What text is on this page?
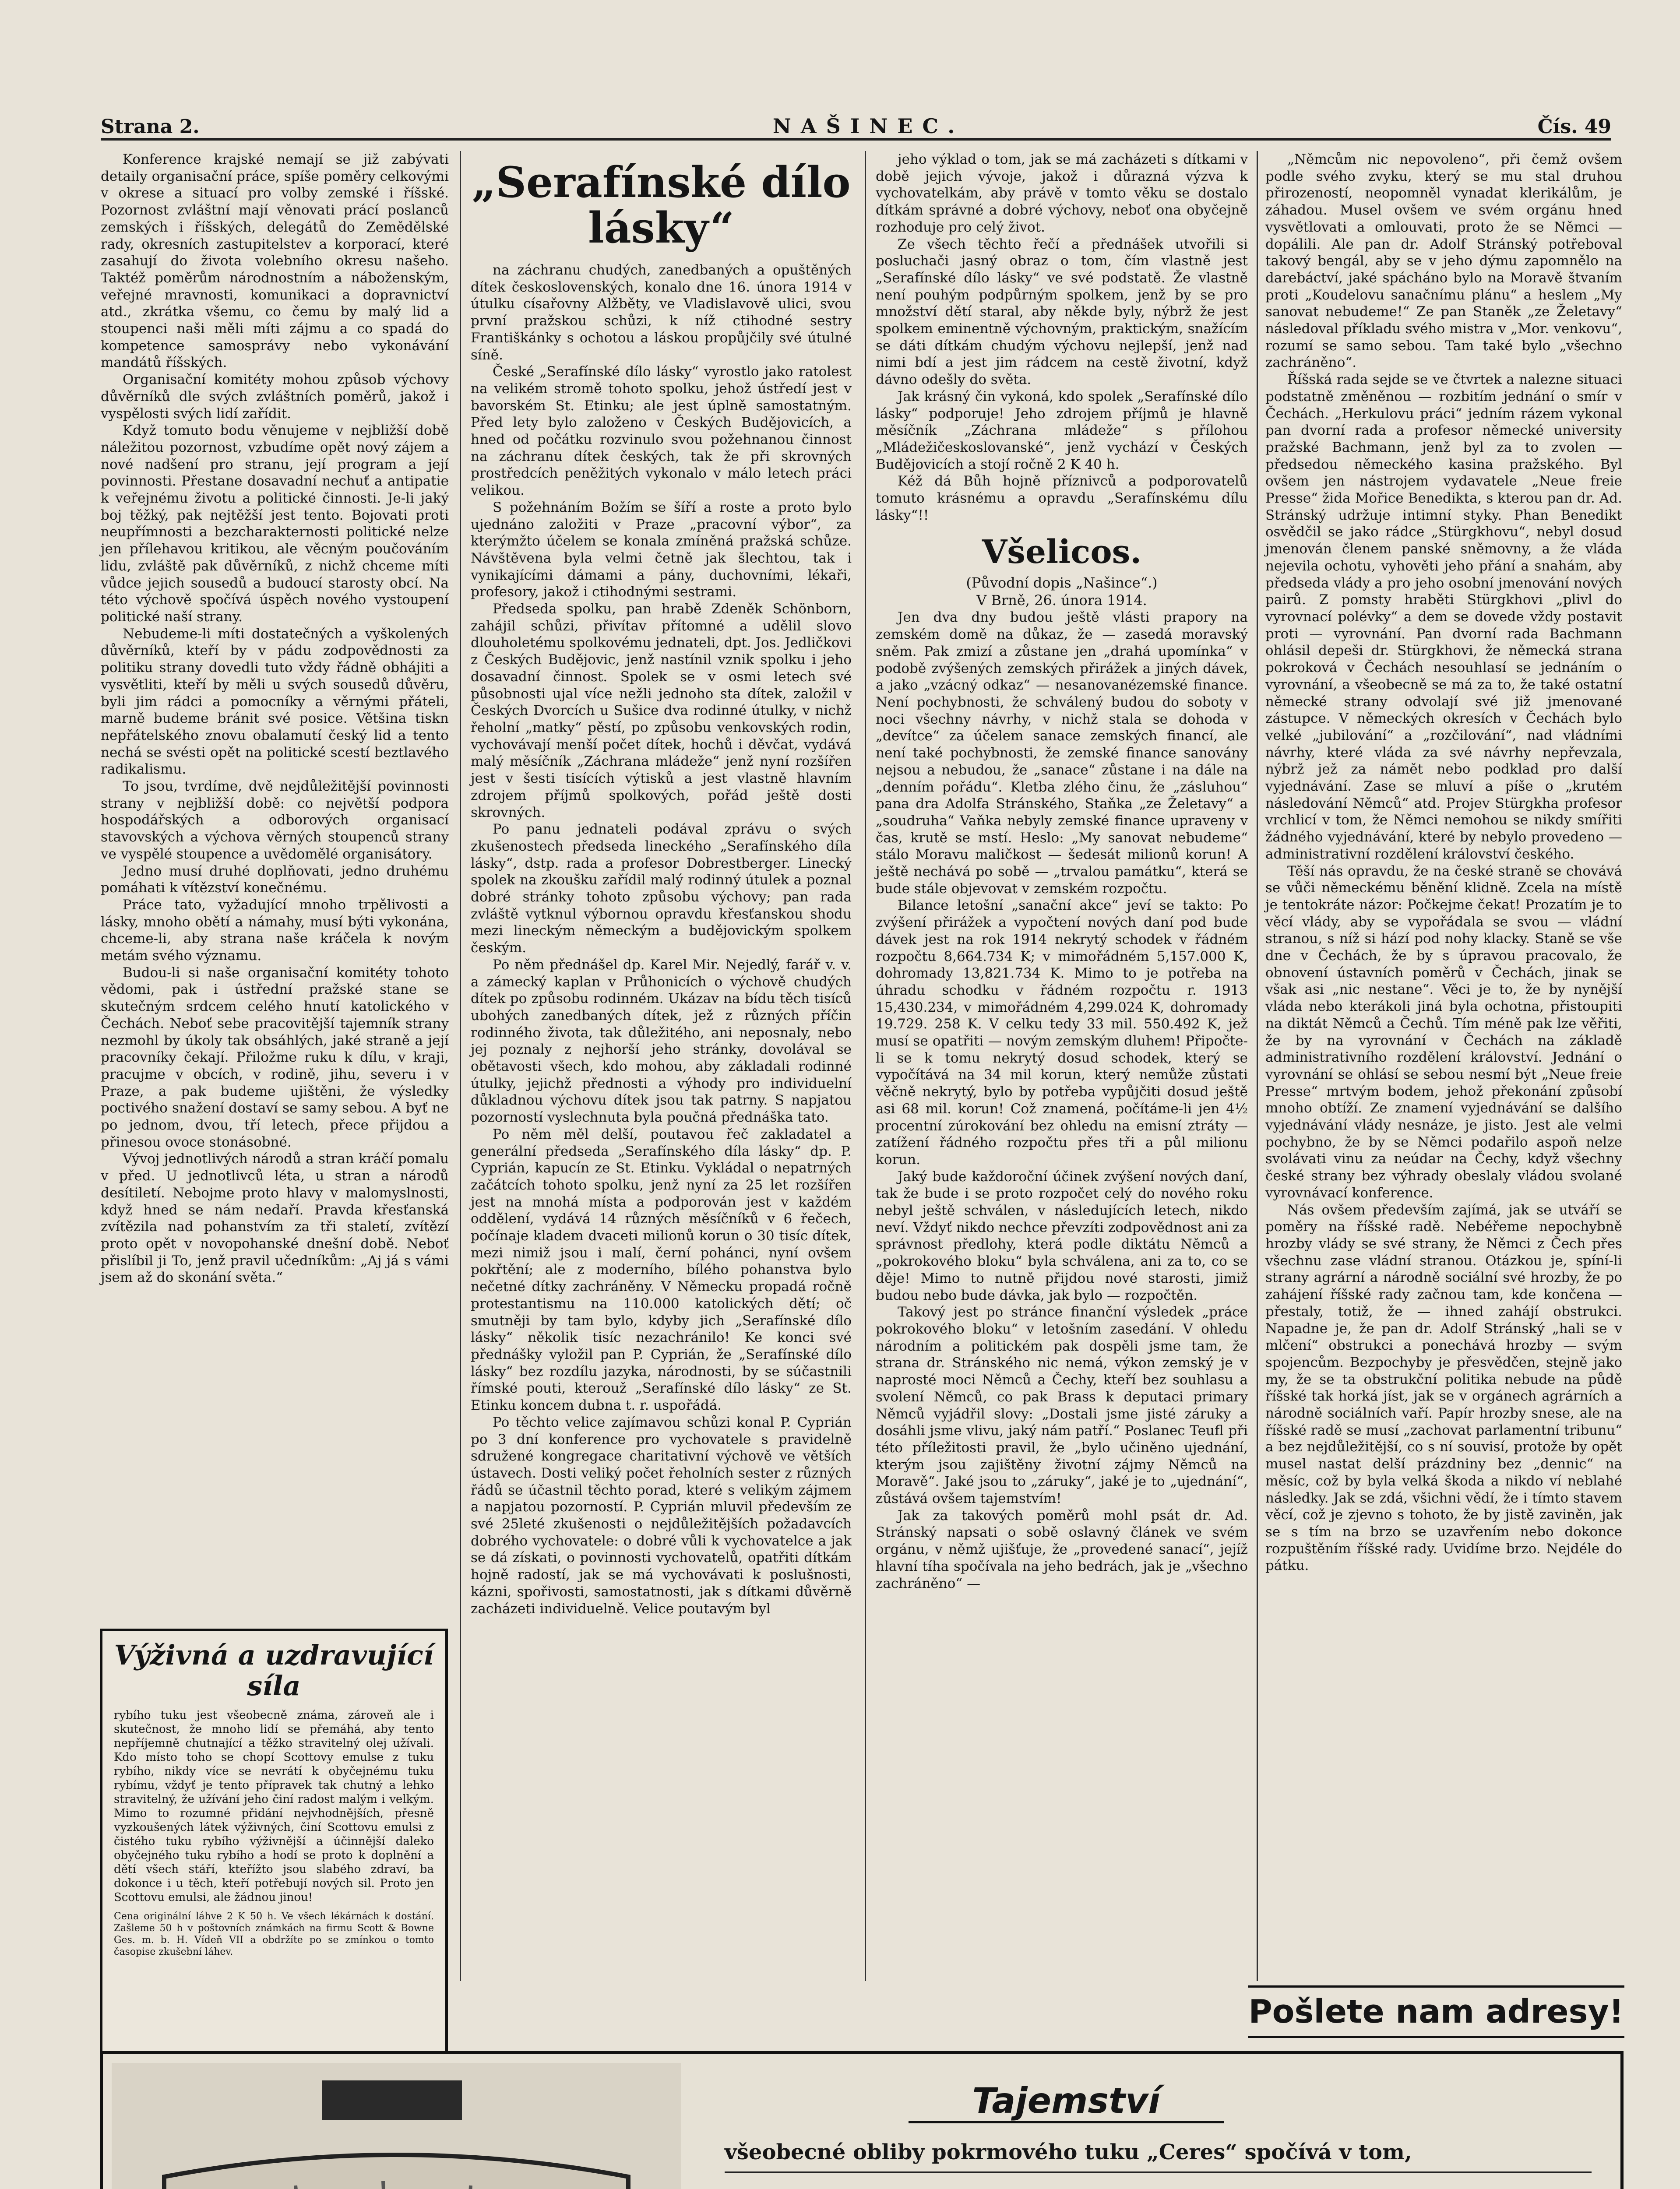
Strana 2.	NAŠINEC.	Čís. 49

Konference krajské nemají se již zabývati detaily organisační práce, spíše poměry celkovými v okrese a situací pro volby zemské i říšské. Pozornost zvláštní mají věnovati prácí poslanců zemských i říšských, delegátů do Zemědělské rady, okresních zastupitelstev a korporací, které zasahují do života volebního okresu našeho. Taktéž poměrům národnostním a náboženským, veřejné mravnosti, komunikaci a dopravnictví atd., zkrátka všemu, co čemu by malý lid a stoupenci naši měli míti zájmu a co spadá do kompetence samosprávy nebo vykonávání mandátů říšských.

Organisační komitéty mohou způsob výchovy důvěrníků dle svých zvláštních poměrů, jakož i vyspělosti svých lidí zařídit.

Když tomuto bodu věnujeme v nejbližší době náležitou pozornost, vzbudíme opět nový zájem a nové nadšení pro stranu, její program a její povinnosti. Přestane dosavadní nechuť a antipatie k veřejnému životu a politické činnosti. Je-li jaký boj těžký, pak nejtěžší jest tento. Bojovati proti neupřímnosti a bezcharakternosti politické nelze jen přílehavou kritikou, ale věcným poučováním lidu, zvláště pak důvěrníků, z nichž chceme míti vůdce jejich sousedů a budoucí starosty obcí. Na této výchově spočívá úspěch nového vystoupení politické naší strany.

Nebudeme-li míti dostatečných a vyškolených důvěrníků, kteří by v pádu zodpovědnosti za politiku strany dovedli tuto vždy řádně obhájiti a vysvětliti, kteří by měli u svých sousedů důvěru, byli jim rádci a pomocníky a věrnými přáteli, marně budeme bránit své posice. Většina tiskn nepřátelského znovu obalamutí český lid a tento nechá se svésti opět na politické scestí beztlavého radikalismu.

To jsou, tvrdíme, dvě nejdůležitější povinnosti strany v nejbližší době: co největší podpora hospodářských a odborových organisací stavovských a výchova věrných stoupenců strany ve vyspělé stoupence a uvědomělé organisátory.

Jedno musí druhé doplňovati, jedno druhému pomáhati k vítězství konečnému.

Práce tato, vyžadující mnoho trpělivosti a lásky, mnoho obětí a námahy, musí býti vykonána, chceme-li, aby strana naše kráčela k novým metám svého významu.

Budou-li si naše organisační komitéty tohoto vědomi, pak i ústřední pražské stane se skutečným srdcem celého hnutí katolického v Čechách. Neboť sebe pracovitější tajemník strany nezmohl by úkoly tak obsáhlých, jaké straně a její pracovníky čekají. Přiložme ruku k dílu, v kraji, pracujme v obcích, v rodině, jihu, severu i v Praze, a pak budeme ujištěni, že výsledky poctivého snažení dostaví se samy sebou. A byť ne po jednom, dvou, tří letech, přece přijdou a přinesou ovoce stonásobné.

Vývoj jednotlivých národů a stran kráčí pomalu v před. U jednotlivců léta, u stran a národů desítiletí. Nebojme proto hlavy v malomyslnosti, když hned se nám nedaří. Pravda křesťanská zvítězila nad pohanstvím za tři staletí, zvítězí proto opět v novopohanské dnešní době. Neboť přislíbil ji To, jenž pravil učedníkům: „Aj já s vámi jsem až do skonání světa.“

Výživná a uzdravující síla
rybího tuku jest všeobecně známa, zároveň ale i skutečnost, že mnoho lidí se přemáhá, aby tento nepříjemně chutnající a těžko stravitelný olej užívali. Kdo místo toho se chopí Scottovy emulse z tuku rybího, nikdy více se nevrátí k obyčejnému tuku rybímu, vždyť je tento přípravek tak chutný a lehko stravitelný, že užívání jeho činí radost malým i velkým. Mimo to rozumné přidání nejvhodnějších, přesně vyzkoušených látek výživných, činí Scottovu emulsi z čistého tuku rybího výživnější a účinnější daleko obyčejného tuku rybího a hodí se proto k doplnění a dětí všech stáří, kteřížto jsou slabého zdraví, ba dokonce i u těch, kteří potřebují nových sil. Proto jen Scottovu emulsi, ale žádnou jinou!
Cena originální láhve 2 K 50 h. Ve všech lékárnách k dostání. Zašleme 50 h v poštovních známkách na firmu Scott & Bowne Ges. m. b. H. Vídeň VII a obdržíte po se zmínkou o tomto časopise zkušební láhev.
„Serafínské dílo lásky“

na záchranu chudých, zanedbaných a opuštěných dítek československých, konalo dne 16. února 1914 v útulku císařovny Alžběty, ve Vladislavově ulici, svou první pražskou schůzi, k níž ctihodné sestry Františkánky s ochotou a láskou propůjčily své útulné síně.

České „Serafínské dílo lásky“ vyrostlo jako ratolest na velikém stromě tohoto spolku, jehož ústředí jest v bavorském St. Etinku; ale jest úplně samostatným. Před lety bylo založeno v Českých Budějovicích, a hned od počátku rozvinulo svou požehnanou činnost na záchranu dítek českých, tak že při skrovných prostředcích peněžitých vykonalo v málo letech práci velikou.

S požehnáním Božím se šíří a roste a proto bylo ujednáno založiti v Praze „pracovní výbor“, za kterýmžto účelem se konala zmíněná pražská schůze. Návštěvena byla velmi četně jak šlechtou, tak i vynikajícími dámami a pány, duchovními, lékaři, profesory, jakož i ctihodnými sestrami.

Předseda spolku, pan hrabě Zdeněk Schönborn, zahájil schůzi, přivítav přítomné a udělil slovo dlouholetému spolkovému jednateli, dpt. Jos. Jedličkovi z Českých Budějovic, jenž nastínil vznik spolku i jeho dosavadní činnost. Spolek se v osmi letech své působnosti ujal více nežli jednoho sta dítek, založil v Českých Dvorcích u Sušice dva rodinné útulky, v nichž řeholní „matky“ pěstí, po způsobu venkovských rodin, vychovávají menší počet dítek, hochů i děvčat, vydává malý měsíčník „Záchrana mládeže“ jenž nyní rozšířen jest v šesti tisících výtisků a jest vlastně hlavním zdrojem příjmů spolkových, pořád ještě dosti skrovných.

Po panu jednateli podával zprávu o svých zkušenostech předseda lineckého „Serafínského díla lásky“, dstp. rada a profesor Dobrestberger. Linecký spolek na zkoušku zařídil malý rodinný útulek a poznal dobré stránky tohoto způsobu výchovy; pan rada zvláště vytknul výbornou opravdu křesťanskou shodu mezi lineckým německým a budějovickým spolkem českým.

Po něm přednášel dp. Karel Mir. Nejedlý, farář v. v. a zámecký kaplan v Průhonicích o výchově chudých dítek po způsobu rodinném. Ukázav na bídu těch tisíců ubohých zanedbaných dítek, jež z různých příčin rodinného života, tak důležitého, ani neposnaly, nebo jej poznaly z nejhorší jeho stránky, dovolával se obětavosti všech, kdo mohou, aby základali rodinné útulky, jejichž přednosti a výhody pro individuelní důkladnou výchovu dítek jsou tak patrny. S napjatou pozorností vyslechnuta byla poučná přednáška tato.

Po něm měl delší, poutavou řeč zakladatel a generální předseda „Serafínského díla lásky“ dp. P. Cyprián, kapucín ze St. Etinku. Vykládal o nepatrných začátcích tohoto spolku, jenž nyní za 25 let rozšířen jest na mnohá místa a podporován jest v každém oddělení, vydává 14 různých měsíčníků v 6 řečech, počínaje kladem dvaceti milionů korun o 30 tisíc dítek, mezi nimiž jsou i malí, černí pohánci, nyní ovšem pokřtění; ale z moderního, bílého pohanstva bylo nečetné dítky zachráněny. V Německu propadá ročně protestantismu na 110.000 katolických dětí; oč smutněji by tam bylo, kdyby jich „Serafínské dílo lásky“ několik tisíc nezachránilo! Ke konci své přednášky vyložil pan P. Cyprián, že „Serafínské dílo lásky“ bez rozdílu jazyka, národnosti, by se súčastnili římské pouti, kterouž „Serafínské dílo lásky“ ze St. Etinku koncem dubna t. r. uspořádá.

Po těchto velice zajímavou schůzi konal P. Cyprián po 3 dní konference pro vychovatele s pravidelně sdružené kongregace charitativní výchově ve větších ústavech. Dosti veliký počet řeholních sester z různých řádů se účastnil těchto porad, které s velikým zájmem a napjatou pozorností. P. Cyprián mluvil především ze své 25leté zkušenosti o nejdůležitějších požadavcích dobrého vychovatele: o dobré vůli k vychovatelce a jak se dá získati, o povinnosti vychovatelů, opatřiti dítkám hojně radostí, jak se má vychovávati k poslušnosti, kázni, spořivosti, samostatnosti, jak s dítkami důvěrně zacházeti individuelně. Velice poutavým byl

jeho výklad o tom, jak se má zacházeti s dítkami v době jejich vývoje, jakož i důrazná výzva k vychovatelkám, aby právě v tomto věku se dostalo dítkám správné a dobré výchovy, neboť ona obyčejně rozhoduje pro celý život.

Ze všech těchto řečí a přednášek utvořili si posluchači jasný obraz o tom, čím vlastně jest „Serafínské dílo lásky“ ve své podstatě. Že vlastně není pouhým podpůrným spolkem, jenž by se pro množství dětí staral, aby někde byly, nýbrž že jest spolkem eminentně výchovným, praktickým, snažícím se dáti dítkám chudým výchovu nejlepší, jenž nad nimi bdí a jest jim rádcem na cestě životní, když dávno odešly do světa.

Jak krásný čin vykoná, kdo spolek „Serafínské dílo lásky“ podporuje! Jeho zdrojem příjmů je hlavně měsíčník „Záchrana mládeže“ s přílohou „Mládežičeskoslovanské“, jenž vychází v Českých Budějovicích a stojí ročně 2 K 40 h.

Kéž dá Bůh hojně příznivců a podporovatelů tomuto krásnému a opravdu „Serafínskému dílu lásky“!!

Všelicos.
(Původní dopis „Našince“.)
V Brně, 26. února 1914.

Jen dva dny budou ještě vlásti prapory na zemském domě na důkaz, že — zasedá moravský sněm. Pak zmizí a zůstane jen „drahá upomínka“ v podobě zvýšených zemských přirážek a jiných dávek, a jako „vzácný odkaz“ — nesanovanézemské finance. Není pochybnosti, že schválený budou do soboty v noci všechny návrhy, v nichž stala se dohoda v „devítce“ za účelem sanace zemských financí, ale není také pochybnosti, že zemské finance sanovány nejsou a nebudou, že „sanace“ zůstane i na dále na „denním pořádu“. Kletba zlého činu, že „zásluhou“ pana dra Adolfa Stránského, Staňka „ze Želetavy“ a „soudruha“ Vaňka nebyly zemské finance upraveny v čas, krutě se mstí. Heslo: „My sanovat nebudeme“ stálo Moravu maličkost — šedesát milionů korun! A ještě nechává po sobě — „trvalou památku“, která se bude stále objevovat v zemském rozpočtu.

Bilance letošní „sanační akce“ jeví se takto: Po zvýšení přirážek a vypočtení nových daní pod bude dávek jest na rok 1914 nekrytý schodek v řádném rozpočtu 8,664.734 K; v mimořádném 5,157.000 K, dohromady 13,821.734 K. Mimo to je potřeba na úhradu schodku v řádném rozpočtu r. 1913 15,430.234, v mimořádném 4,299.024 K, dohromady 19.729. 258 K. V celku tedy 33 mil. 550.492 K, jež musí se opatřiti — novým zemským dluhem! Připočte-li se k tomu nekrytý dosud schodek, který se vypočítává na 34 mil korun, který nemůže zůstati věčně nekrytý, bylo by potřeba vypůjčiti dosud ještě asi 68 mil. korun! Což znamená, počítáme-li jen 4½ procentní zúrokování bez ohledu na emisní ztráty — zatížení řádného rozpočtu přes tři a půl milionu korun.

Jaký bude každoroční účinek zvýšení nových daní, tak že bude i se proto rozpočet celý do nového roku nebyl ještě schválen, v následujících letech, nikdo neví. Vždyť nikdo nechce převzíti zodpovědnost ani za správnost předlohy, která podle diktátu Němců a „pokrokového bloku“ byla schválena, ani za to, co se děje! Mimo to nutně přijdou nové starosti, jimiž budou nebo bude dávka, jak bylo — rozpočtěn.

Takový jest po stránce finanční výsledek „práce pokrokového bloku“ v letošním zasedání. V ohledu národním a politickém pak dospěli jsme tam, že strana dr. Stránského nic nemá, výkon zemský je v naprosté moci Němců a Čechy, kteří bez souhlasu a svolení Němců, co pak Brass k deputaci primary Němců vyjádřil slovy: „Dostali jsme jisté záruky a dosáhli jsme vlivu, jaký nám patří.“ Poslanec Teufl při této příležitosti pravil, že „bylo učiněno ujednání, kterým jsou zajištěny životní zájmy Němců na Moravě“. Jaké jsou to „záruky“, jaké je to „ujednání“, zůstává ovšem tajemstvím!

Jak za takových poměrů mohl psát dr. Ad. Stránský napsati o sobě oslavný článek ve svém orgánu, v němž ujišťuje, že „provedené sanací“, jejíž hlavní tíha spočívala na jeho bedrách, jak je „všechno zachráněno“ —

„Němcům nic nepovoleno“, při čemž ovšem podle svého zvyku, který se mu stal druhou přirozeností, neopomněl vynadat klerikálům, je záhadou. Musel ovšem ve svém orgánu hned vysvětlovati a omlouvati, proto že se Němci — dopálili. Ale pan dr. Adolf Stránský potřeboval takový bengál, aby se v jeho dýmu zapomnělo na darebáctví, jaké spácháno bylo na Moravě štvaním proti „Koudelovu sanačnímu plánu“ a heslem „My sanovat nebudeme!“ Ze pan Staněk „ze Želetavy“ následoval příkladu svého mistra v „Mor. venkovu“, rozumí se samo sebou. Tam také bylo „všechno zachráněno“.

Říšská rada sejde se ve čtvrtek a nalezne situaci podstatně změněnou — rozbitím jednání o smír v Čechách. „Herkulovu práci“ jedním rázem vykonal pan dvorní rada a profesor německé university pražské Bachmann, jenž byl za to zvolen — předsedou německého kasina pražského. Byl ovšem jen nástrojem vydavatele „Neue freie Presse“ žida Mořice Benedikta, s kterou pan dr. Ad. Stránský udržuje intimní styky. Phan Benedikt osvědčil se jako rádce „Stürgkhovu“, nebyl dosud jmenován členem panské sněmovny, a že vláda nejevila ochotu, vyhověti jeho přání a snahám, aby předseda vlády a pro jeho osobní jmenování nových pairů. Z pomsty hraběti Stürgkhovi „plivl do vyrovnací polévky“ a dem se dovede vždy postavit proti — vyrovnání. Pan dvorní rada Bachmann ohlásil depeši dr. Stürgkhovi, že německá strana pokroková v Čechách nesouhlasí se jednáním o vyrovnání, a všeobecně se má za to, že také ostatní německé strany odvolají své již jmenované zástupce. V německých okresích v Čechách bylo velké „jubilování“ a „rozčilování“, nad vládními návrhy, které vláda za své návrhy nepřevzala, nýbrž jež za námět nebo podklad pro další vyjednávání. Zase se mluví a píše o „krutém následování Němců“ atd. Projev Stürgkha profesor vrchlicí v tom, že Němci nemohou se nikdy smířiti žádného vyjednávání, které by nebylo provedeno — administrativní rozdělení království českého.

Těší nás opravdu, že na české straně se chovává se vůči německému běnění klidně. Zcela na místě je tentokráte názor: Počkejme čekat! Prozatím je to věcí vlády, aby se vypořádala se svou — vládní stranou, s níž si hází pod nohy klacky. Staně se vše dne v Čechách, že by s úpravou pracovalo, že obnovení ústavních poměrů v Čechách, jinak se však asi „nic nestane“. Věci je to, že by nynější vláda nebo kterákoli jiná byla ochotna, přistoupiti na diktát Němců a Čechů. Tím méně pak lze věřiti, že by na vyrovnání v Čechách na základě administrativního rozdělení království. Jednání o vyrovnání se ohlásí se sebou nesmí být „Neue freie Presse“ mrtvým bodem, jehož překonání způsobí mnoho obtíží. Ze znamení vyjednávání se dalšího vyjednávání vlády nesnáze, je jisto. Jest ale velmi pochybno, že by se Němci podařilo aspoň nelze svolávati vinu za neúdar na Čechy, když všechny české strany bez výhrady obeslaly vládou svolané vyrovnávací konference.

Nás ovšem především zajímá, jak se utváří se poměry na říšské radě. Nebéřeme nepochybně hrozby vlády se své strany, že Němci z Čech přes všechnu zase vládní stranou. Otázkou je, spíní-li strany agrární a národně sociální své hrozby, že po zahájení říšské rady začnou tam, kde končena — přestaly, totiž, že — ihned zahájí obstrukci. Napadne je, že pan dr. Adolf Stránský „hali se v mlčení“ obstrukci a ponechává hrozby — svým spojencům. Bezpochyby je přesvědčen, stejně jako my, že se ta obstrukční politika nebude na půdě říšské tak horká jíst, jak se v orgánech agrárních a národně sociálních vaří. Papír hrozby snese, ale na říšské radě se musí „zachovat parlamentní tribunu“ a bez nejdůležitější, co s ní souvisí, protože by opět musel nastat delší prázdniny bez „dennic“ na měsíc, což by byla velká škoda a nikdo ví neblahé následky. Jak se zdá, všichni vědí, že i tímto stavem věcí, což je zjevno s tohoto, že by jistě zaviněn, jak se s tím na brzo se uzavřením nebo dokonce rozpuštěním říšské rady. Uvidíme brzo. Nejdéle do pátku.

Pošlete nam adresy!
Tajemství

všeobecné obliby pokrmového tuku „Ceres“ spočívá v tom,
